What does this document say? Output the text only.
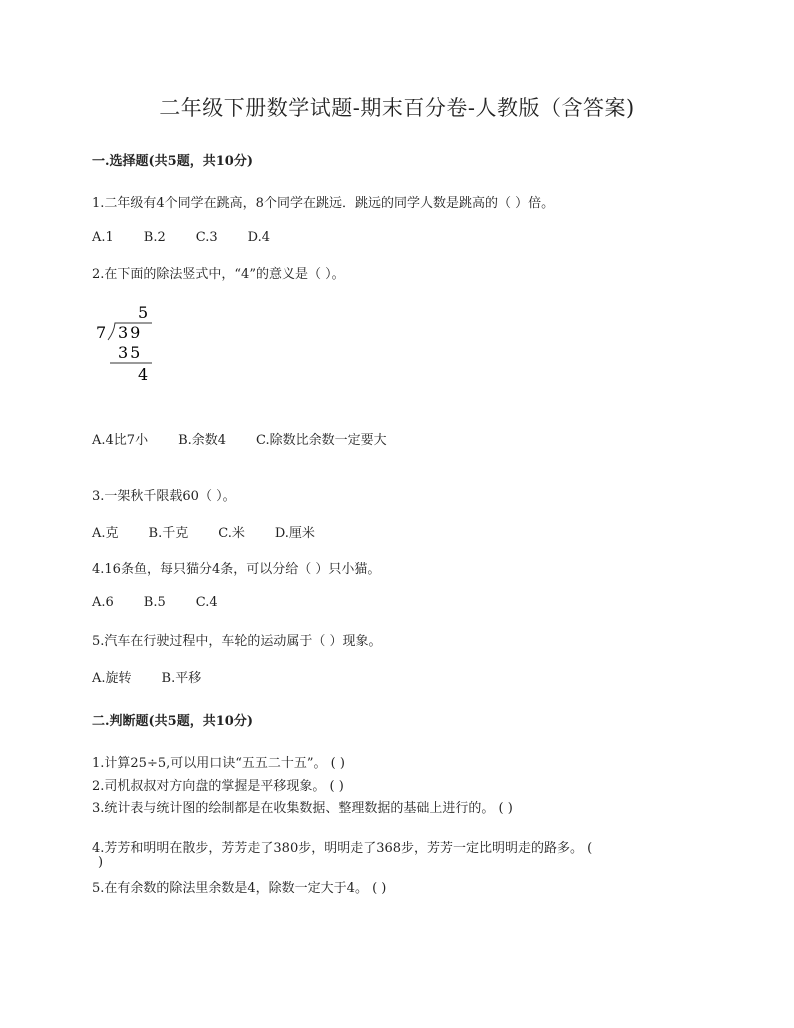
二年级下册数学试题-期末百分卷-人教版（含答案)
一.选择题(共5题，共10分)
1.二年级有4个同学在跳高，8个同学在跳远．跳远的同学人数是跳高的（ ）倍。
A.1 B.2 C.3 D.4
2.在下面的除法竖式中，“4”的意义是（ ）。
5
7 39
35
4
A.4比7小 B.余数4 C.除数比余数一定要大
3.一架秋千限载60（ ）。
A.克 B.千克 C.米 D.厘米
4.16条鱼，每只猫分4条，可以分给（ ）只小猫。
A.6 B.5 C.4
5.汽车在行驶过程中，车轮的运动属于（ ）现象。
A.旋转 B.平移
二.判断题(共5题，共10分)
1.计算25÷5,可以用口诀“五五二十五”。 ( )
2.司机叔叔对方向盘的掌握是平移现象。 ( )
3.统计表与统计图的绘制都是在收集数据、整理数据的基础上进行的。 ( )
4.芳芳和明明在散步，芳芳走了380步，明明走了368步，芳芳一定比明明走的路多。 (
)
5.在有余数的除法里余数是4，除数一定大于4。 ( )
